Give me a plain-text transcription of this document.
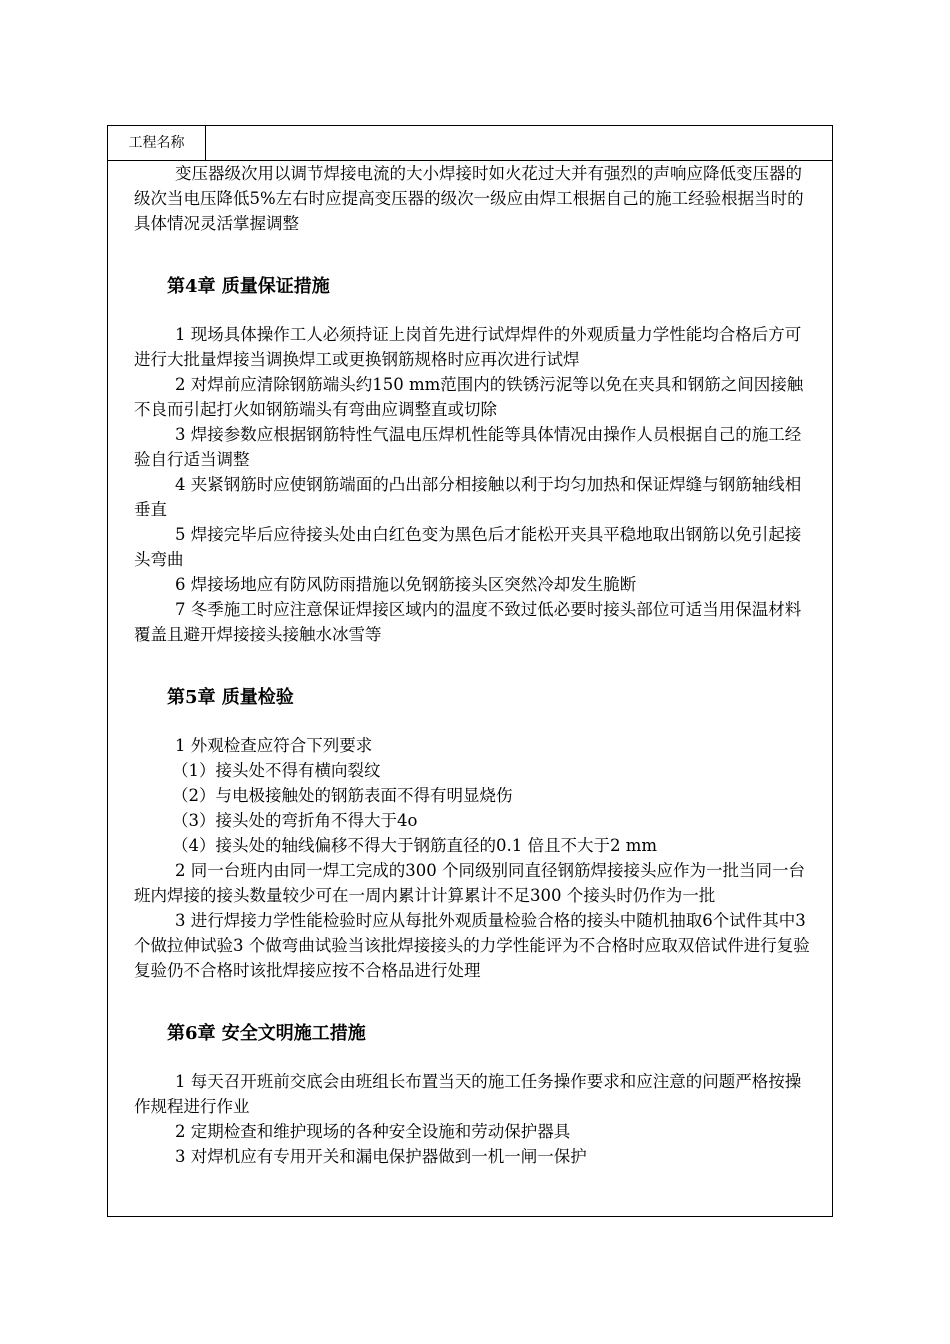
工程名称

变压器级次用以调节焊接电流的大小焊接时如火花过大并有强烈的声响应降低变压器的级次当电压降低5%左右时应提高变压器的级次一级应由焊工根据自己的施工经验根据当时的具体情况灵活掌握调整

第4章 质量保证措施

1 现场具体操作工人必须持证上岗首先进行试焊焊件的外观质量力学性能均合格后方可进行大批量焊接当调换焊工或更换钢筋规格时应再次进行试焊

2 对焊前应清除钢筋端头约150 mm范围内的铁锈污泥等以免在夹具和钢筋之间因接触不良而引起打火如钢筋端头有弯曲应调整直或切除

3 焊接参数应根据钢筋特性气温电压焊机性能等具体情况由操作人员根据自己的施工经验自行适当调整

4 夹紧钢筋时应使钢筋端面的凸出部分相接触以利于均匀加热和保证焊缝与钢筋轴线相垂直

5 焊接完毕后应待接头处由白红色变为黑色后才能松开夹具平稳地取出钢筋以免引起接头弯曲

6 焊接场地应有防风防雨措施以免钢筋接头区突然冷却发生脆断

7 冬季施工时应注意保证焊接区域内的温度不致过低必要时接头部位可适当用保温材料覆盖且避开焊接接头接触水冰雪等

第5章 质量检验

1 外观检查应符合下列要求

（1）接头处不得有横向裂纹

（2）与电极接触处的钢筋表面不得有明显烧伤

（3）接头处的弯折角不得大于4o

（4）接头处的轴线偏移不得大于钢筋直径的0.1 倍且不大于2 mm

2 同一台班内由同一焊工完成的300 个同级别同直径钢筋焊接接头应作为一批当同一台班内焊接的接头数量较少可在一周内累计计算累计不足300 个接头时仍作为一批

3 进行焊接力学性能检验时应从每批外观质量检验合格的接头中随机抽取6个试件其中3 个做拉伸试验3 个做弯曲试验当该批焊接接头的力学性能评为不合格时应取双倍试件进行复验复验仍不合格时该批焊接应按不合格品进行处理

第6章 安全文明施工措施

1 每天召开班前交底会由班组长布置当天的施工任务操作要求和应注意的问题严格按操作规程进行作业

2 定期检查和维护现场的各种安全设施和劳动保护器具

3 对焊机应有专用开关和漏电保护器做到一机一闸一保护
